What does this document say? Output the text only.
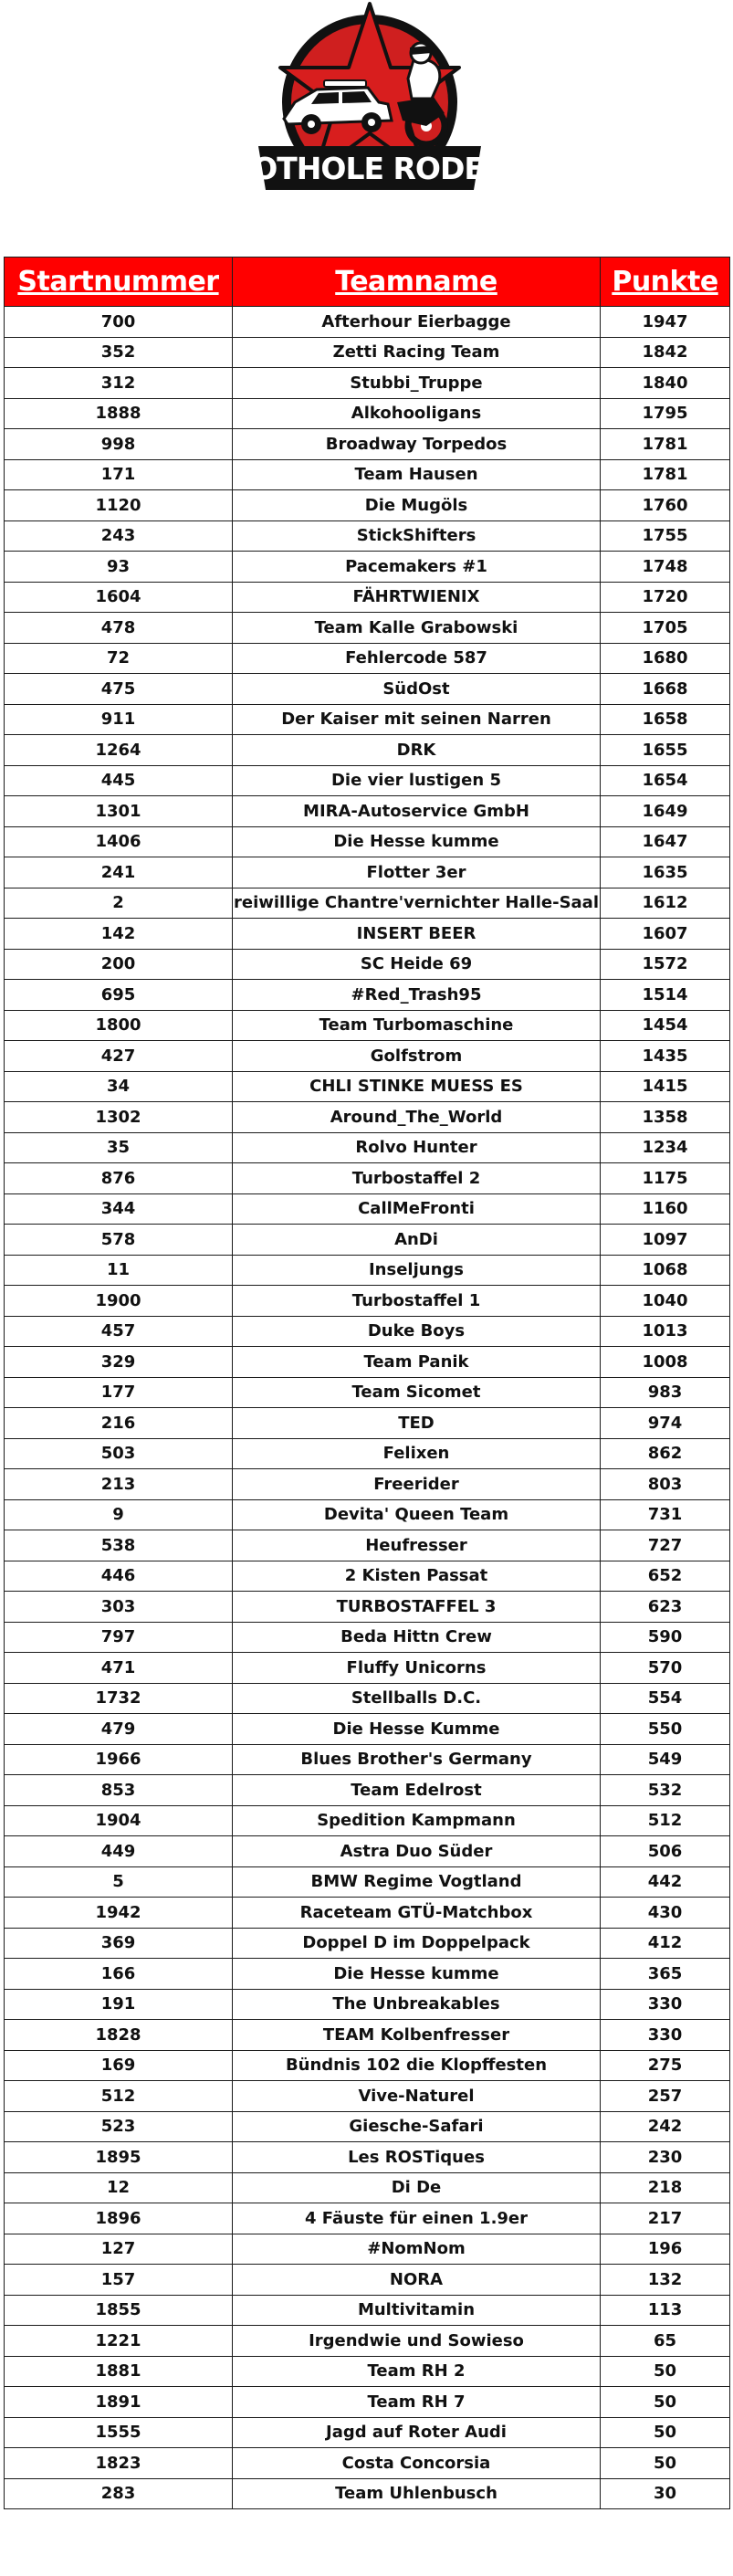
POTHOLE RODEO
Startnummer	Teamname	Punkte
700	Afterhour Eierbagge	1947
352	Zetti Racing Team	1842
312	Stubbi_Truppe	1840
1888	Alkohooligans	1795
998	Broadway Torpedos	1781
171	Team Hausen	1781
1120	Die Mugöls	1760
243	StickShifters	1755
93	Pacemakers #1	1748
1604	FÄHRTWIENIX	1720
478	Team Kalle Grabowski	1705
72	Fehlercode 587	1680
475	SüdOst	1668
911	Der Kaiser mit seinen Narren	1658
1264	DRK	1655
445	Die vier lustigen 5	1654
1301	MIRA-Autoservice GmbH	1649
1406	Die Hesse kumme	1647
241	Flotter 3er	1635
2	reiwillige Chantre'vernichter Halle-Saal	1612
142	INSERT BEER	1607
200	SC Heide 69	1572
695	#Red_Trash95	1514
1800	Team Turbomaschine	1454
427	Golfstrom	1435
34	CHLI STINKE MUESS ES	1415
1302	Around_The_World	1358
35	Rolvo Hunter	1234
876	Turbostaffel 2	1175
344	CallMeFronti	1160
578	AnDi	1097
11	Inseljungs	1068
1900	Turbostaffel 1	1040
457	Duke Boys	1013
329	Team Panik	1008
177	Team Sicomet	983
216	TED	974
503	Felixen	862
213	Freerider	803
9	Devita' Queen Team	731
538	Heufresser	727
446	2 Kisten Passat	652
303	TURBOSTAFFEL 3	623
797	Beda Hittn Crew	590
471	Fluffy Unicorns	570
1732	Stellballs D.C.	554
479	Die Hesse Kumme	550
1966	Blues Brother's Germany	549
853	Team Edelrost	532
1904	Spedition Kampmann	512
449	Astra Duo Süder	506
5	BMW Regime Vogtland	442
1942	Raceteam GTÜ-Matchbox	430
369	Doppel D im Doppelpack	412
166	Die Hesse kumme	365
191	The Unbreakables	330
1828	TEAM Kolbenfresser	330
169	Bündnis 102 die Klopffesten	275
512	Vive-Naturel	257
523	Giesche-Safari	242
1895	Les ROSTiques	230
12	Di De	218
1896	4 Fäuste für einen 1.9er	217
127	#NomNom	196
157	NORA	132
1855	Multivitamin	113
1221	Irgendwie und Sowieso	65
1881	Team RH 2	50
1891	Team RH 7	50
1555	Jagd auf Roter Audi	50
1823	Costa Concorsia	50
283	Team Uhlenbusch	30
